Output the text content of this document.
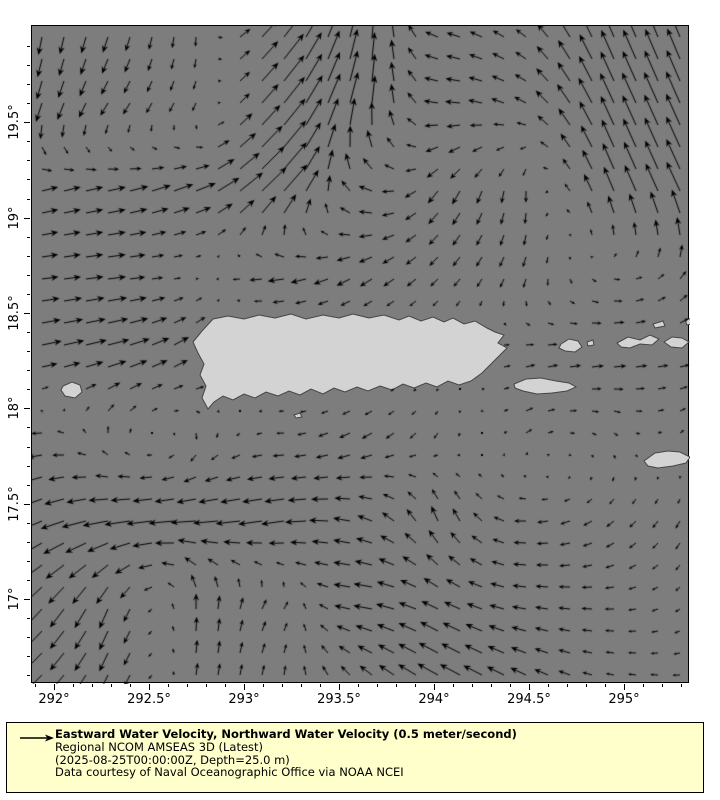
292°	292.5°	293°	293.5°	294°	294.5°	295°
19.5°
19°
18.5°
18°
17.5°
17°
Eastward Water Velocity, Northward Water Velocity (0.5 meter/second)
Regional NCOM AMSEAS 3D (Latest)
(2025-08-25T00:00:00Z, Depth=25.0 m)
Data courtesy of Naval Oceanographic Office via NOAA NCEI
